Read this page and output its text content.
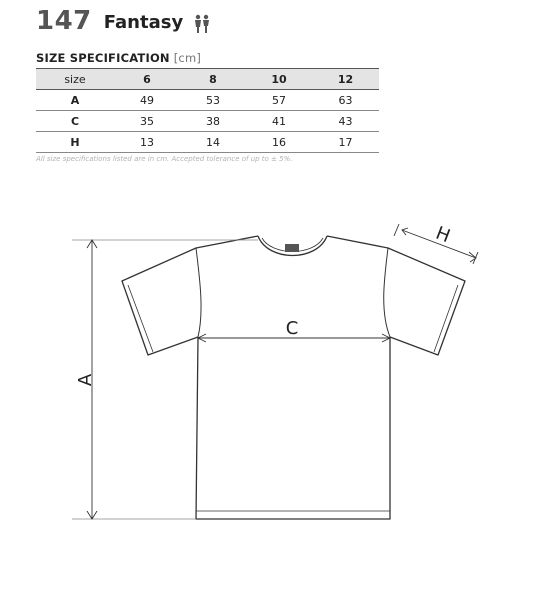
147 Fantasy
SIZE SPECIFICATION [cm]
size	6	8	10	12
A	49	53	57	63
C	35	38	41	43
H	13	14	16	17
All size specifications listed are in cm. Accepted tolerance of up to ± 5%.
A
C
H
